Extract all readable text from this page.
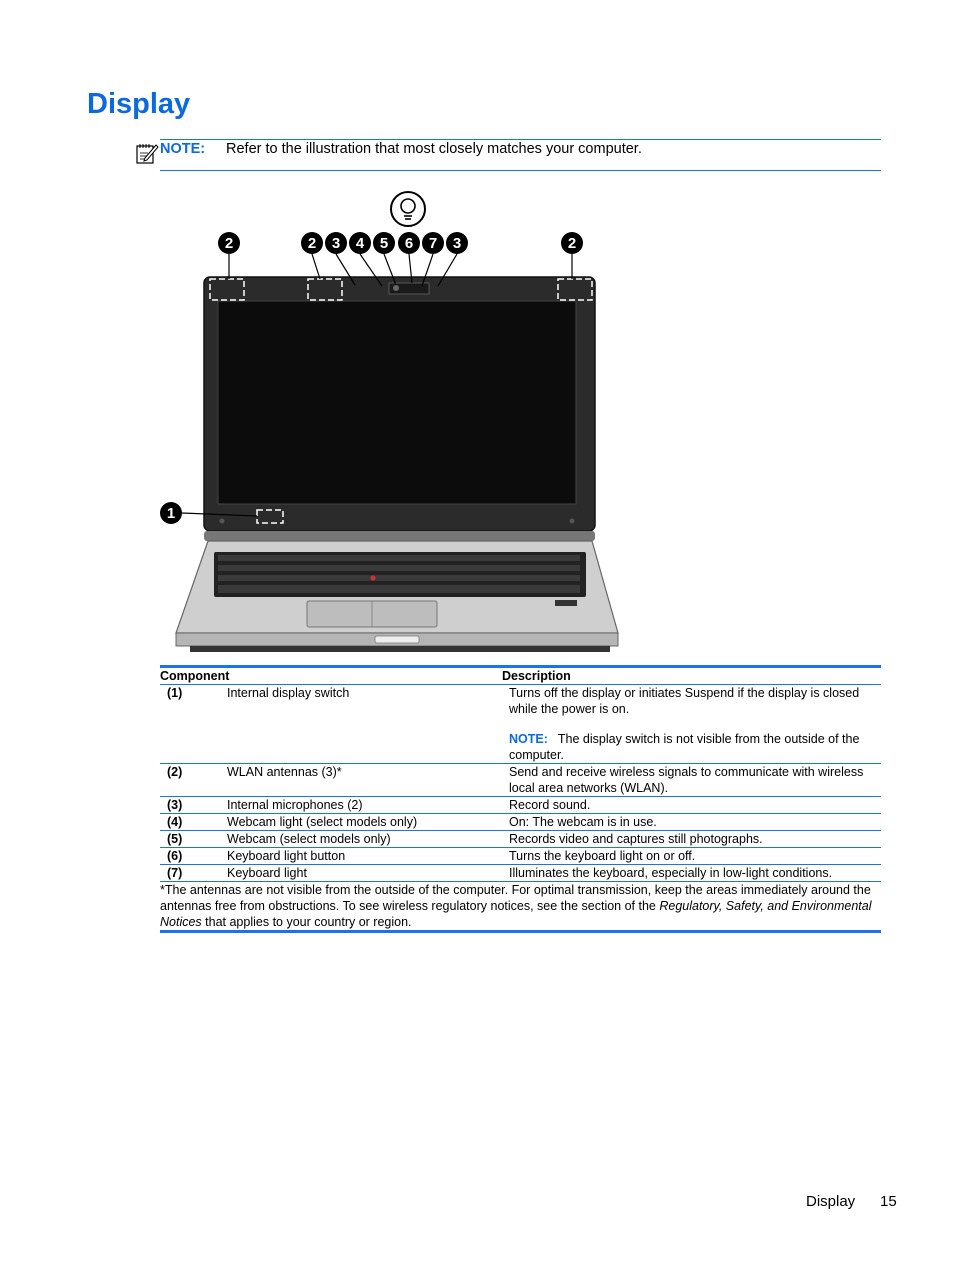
Display
NOTE: Refer to the illustration that most closely matches your computer.
2	2 3 4 5 6 7 3	2
1

Component		Description
(1)	Internal display switch	Turns off the display or initiates Suspend if the display is closed while the power is on.
NOTE: The display switch is not visible from the outside of the computer.

(2)	WLAN antennas (3)*	Send and receive wireless signals to communicate with wireless local area networks (WLAN).
(3)	Internal microphones (2)	Record sound.
(4)	Webcam light (select models only)	On: The webcam is in use.
(5)	Webcam (select models only)	Records video and captures still photographs.
(6)	Keyboard light button	Turns the keyboard light on or off.
(7)	Keyboard light	Illuminates the keyboard, especially in low-light conditions.
*The antennas are not visible from the outside of the computer. For optimal transmission, keep the areas immediately around the antennas free from obstructions. To see wireless regulatory notices, see the section of the Regulatory, Safety, and Environmental Notices that applies to your country or region.		
Display 15
